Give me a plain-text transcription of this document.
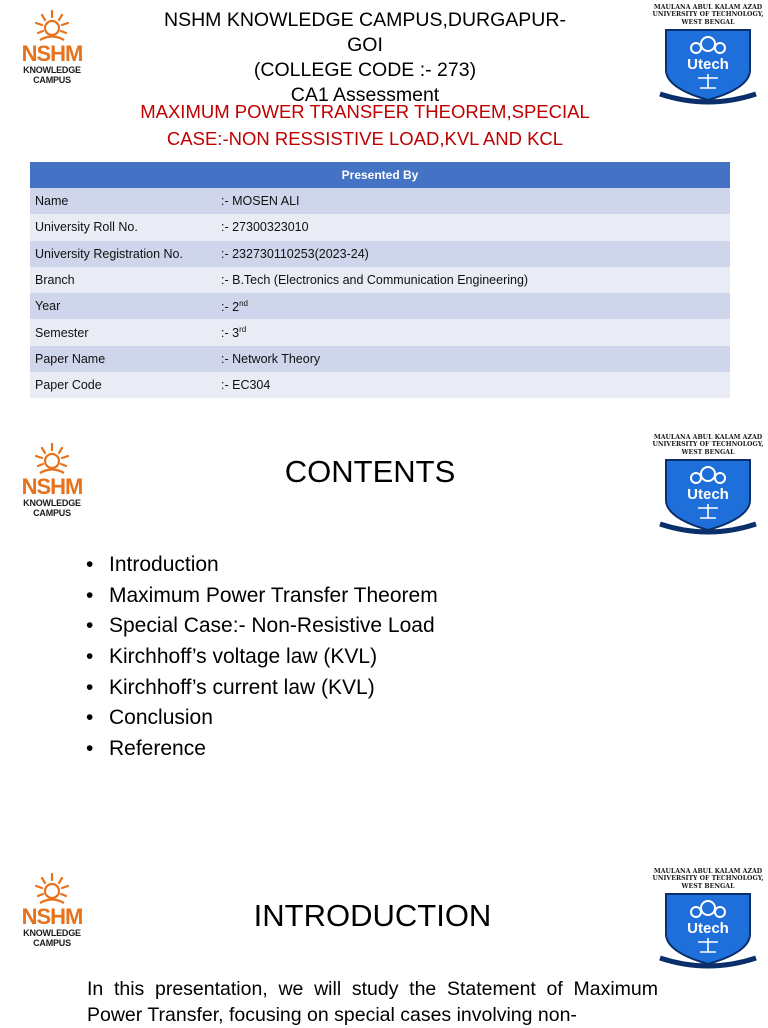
NSHM
KNOWLEDGE
CAMPUS
NSHM KNOWLEDGE CAMPUS,DURGAPUR-GOI
(COLLEGE CODE :- 273)
CA1 Assessment
MAXIMUM POWER TRANSFER THEOREM,SPECIAL
CASE:-NON RESSISTIVE LOAD,KVL AND KCL
MAULANA ABUL KALAM AZAD
UNIVERSITY OF TECHNOLOGY,
WEST BENGAL
Utech
Presented By	
Name	:- MOSEN ALI
University Roll No.	:- 27300323010
University Registration No.	:- 232730110253(2023-24)
Branch	:- B.Tech (Electronics and Communication Engineering)
Year	:- 2nd
Semester	:- 3rd
Paper Name	:- Network Theory
Paper Code	:- EC304
NSHM
KNOWLEDGE
CAMPUS
CONTENTS
MAULANA ABUL KALAM AZAD
UNIVERSITY OF TECHNOLOGY,
WEST BENGAL
Utech
• Introduction
• Maximum Power Transfer Theorem
• Special Case:- Non-Resistive Load
• Kirchhoff’s voltage law (KVL)
• Kirchhoff’s current law (KVL)
• Conclusion
• Reference
NSHM
KNOWLEDGE
CAMPUS
INTRODUCTION
MAULANA ABUL KALAM AZAD
UNIVERSITY OF TECHNOLOGY,
WEST BENGAL
Utech

In this presentation, we will study the Statement of Maximum Power Transfer, focusing on special cases involving non-
